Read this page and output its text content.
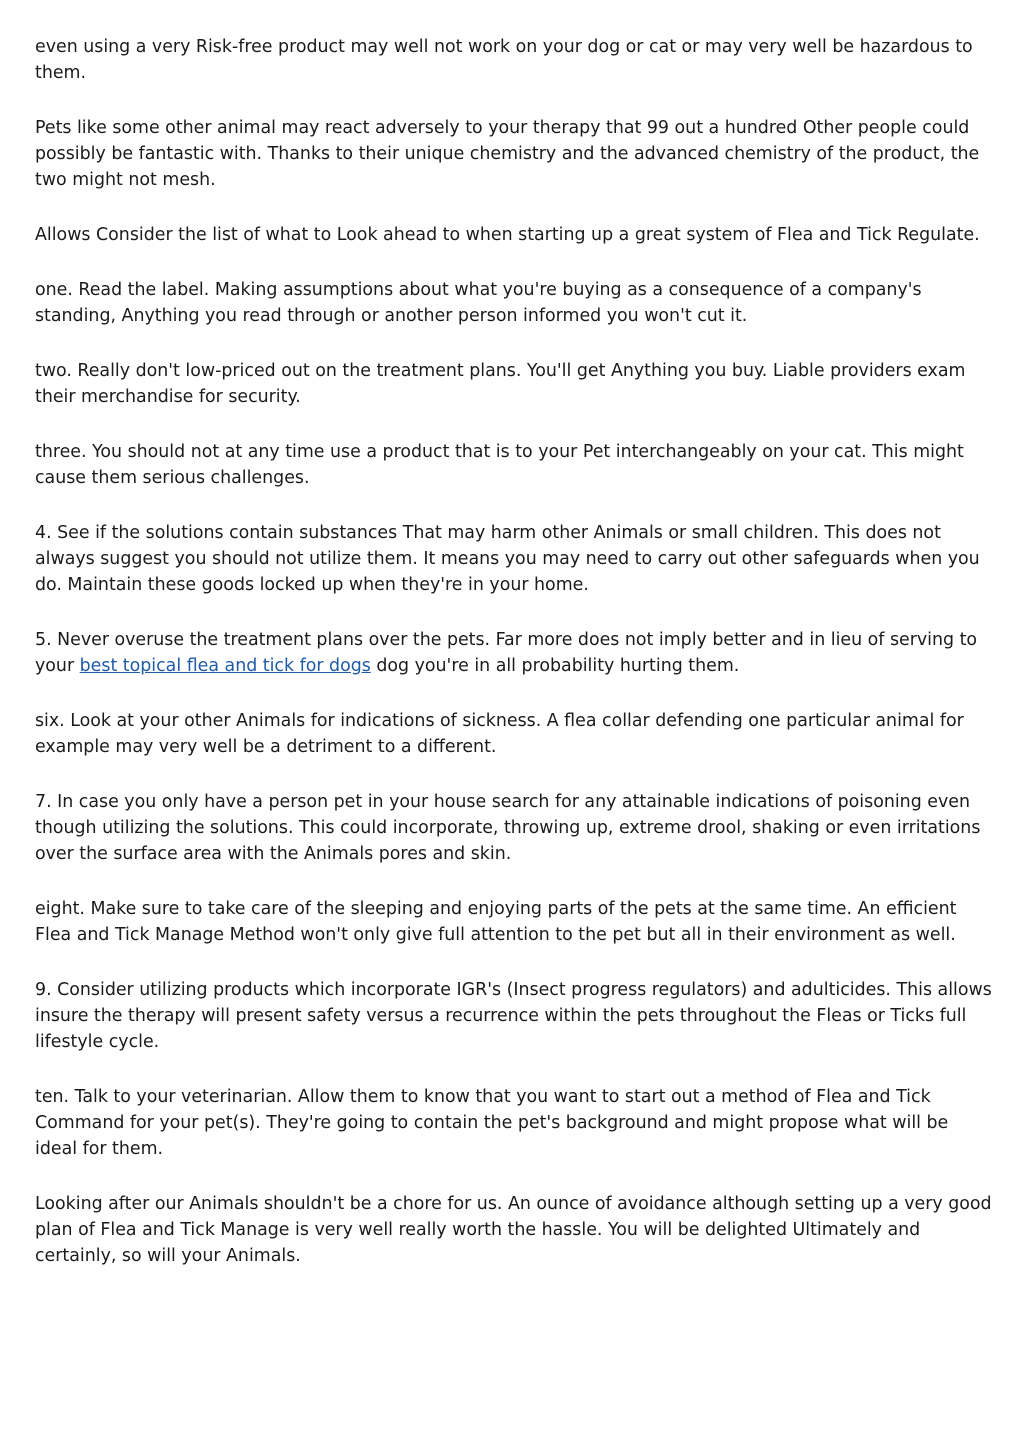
even using a very Risk-free product may well not work on your dog or cat or may very well be hazardous to them.

Pets like some other animal may react adversely to your therapy that 99 out a hundred Other people could possibly be fantastic with. Thanks to their unique chemistry and the advanced chemistry of the product, the two might not mesh.

Allows Consider the list of what to Look ahead to when starting up a great system of Flea and Tick Regulate.

one. Read the label. Making assumptions about what you're buying as a consequence of a company's standing, Anything you read through or another person informed you won't cut it.

two. Really don't low-priced out on the treatment plans. You'll get Anything you buy. Liable providers exam their merchandise for security.

three. You should not at any time use a product that is to your Pet interchangeably on your cat. This might cause them serious challenges.

4. See if the solutions contain substances That may harm other Animals or small children. This does not always suggest you should not utilize them. It means you may need to carry out other safeguards when you do. Maintain these goods locked up when they're in your home.

5. Never overuse the treatment plans over the pets. Far more does not imply better and in lieu of serving to your best topical flea and tick for dogs dog you're in all probability hurting them.

six. Look at your other Animals for indications of sickness. A flea collar defending one particular animal for example may very well be a detriment to a different.

7. In case you only have a person pet in your house search for any attainable indications of poisoning even though utilizing the solutions. This could incorporate, throwing up, extreme drool, shaking or even irritations over the surface area with the Animals pores and skin.

eight. Make sure to take care of the sleeping and enjoying parts of the pets at the same time. An efficient Flea and Tick Manage Method won't only give full attention to the pet but all in their environment as well.

9. Consider utilizing products which incorporate IGR's (Insect progress regulators) and adulticides. This allows insure the therapy will present safety versus a recurrence within the pets throughout the Fleas or Ticks full lifestyle cycle.

ten. Talk to your veterinarian. Allow them to know that you want to start out a method of Flea and Tick Command for your pet(s). They're going to contain the pet's background and might propose what will be ideal for them.

Looking after our Animals shouldn't be a chore for us. An ounce of avoidance although setting up a very good plan of Flea and Tick Manage is very well really worth the hassle. You will be delighted Ultimately and certainly, so will your Animals.
